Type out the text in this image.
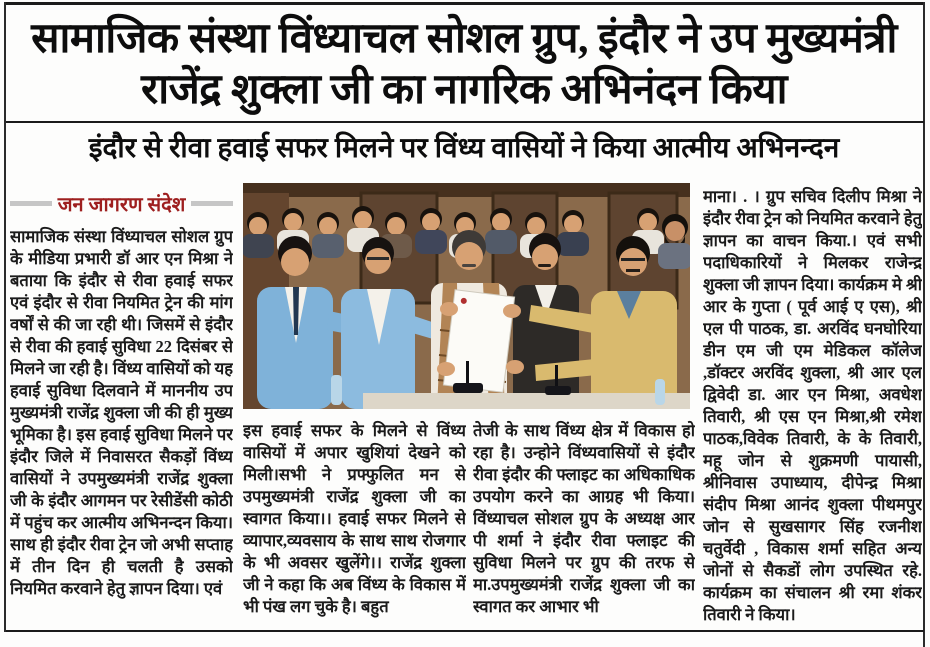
सामाजिक संस्था विंध्याचल सोशल ग्रुप, इंदौर ने उप मुख्यमंत्री राजेंद्र शुक्ला जी का नागरिक अभिनंदन किया
इंदौर से रीवा हवाई सफर मिलने पर विंध्य वासियों ने किया आत्मीय अभिनन्दन
जन जागरण संदेश

सामाजिक संस्था विंध्याचल सोशल ग्रुप के मीडिया प्रभारी डॉ आर एन मिश्रा ने बताया कि इंदौर से रीवा हवाई सफर एवं इंदौर से रीवा नियमित ट्रेन की मांग वर्षों से की जा रही थी। जिसमें से इंदौर से रीवा की हवाई सुविधा 22 दिसंबर से मिलने जा रही है। विंध्य वासियों को यह हवाई सुविधा दिलवाने में माननीय उप मुख्यमंत्री राजेंद्र शुक्ला जी की ही मुख्य भूमिका है। इस हवाई सुविधा मिलने पर इंदौर जिले में निवासरत सैकड़ों विंध्य वासियों ने उपमुख्यमंत्री राजेंद्र शुक्ला जी के इंदौर आगमन पर रेसीडेंसी कोठी में पहुंच कर आत्मीय अभिनन्दन किया। साथ ही इंदौर रीवा ट्रेन जो अभी सप्ताह में तीन दिन ही चलती है उसको नियमित करवाने हेतु ज्ञापन दिया। एवं

इस हवाई सफर के मिलने से विंध्य वासियों में अपार खुशियां देखने को मिली।सभी ने प्रफ्फुलित मन से उपमुख्यमंत्री राजेंद्र शुक्ला जी का स्वागत किया।। हवाई सफर मिलने से व्यापार,व्यवसाय के साथ साथ रोजगार के भी अवसर खुलेंगे।। राजेंद्र शुक्ला जी ने कहा कि अब विंध्य के विकास में भी पंख लग चुके है। बहुत

तेजी के साथ विंध्य क्षेत्र में विकास हो रहा है। उन्होने विंध्यवासियों से इंदौर रीवा इंदौर की फ्लाइट का अधिकाधिक उपयोग करने का आग्रह भी किया।विंध्याचल सोशल ग्रुप के अध्यक्ष आर पी शर्मा ने इंदौर रीवा फ्लाइट की सुविधा मिलने पर ग्रुप की तरफ से मा.उपमुख्यमंत्री राजेंद्र शुक्ला जी का स्वागत कर आभार भी

माना। . । ग्रुप सचिव दिलीप मिश्रा ने इंदौर रीवा ट्रेन को नियमित करवाने हेतु ज्ञापन का वाचन किया.। एवं सभी पदाधिकारियों ने मिलकर राजेन्द्र शुक्ला जी ज्ञापन दिया। कार्यक्रम मे श्री आर के गुप्ता ( पूर्व आई ए एस), श्री एल पी पाठक, डा. अरविंद घनघोरिया डीन एम जी एम मेडिकल कॉलेज ,डॉक्टर अरविंद शुक्ला, श्री आर एल द्विवेदी डा. आर एन मिश्रा, अवधेश तिवारी, श्री एस एन मिश्रा,श्री रमेश पाठक,विवेक तिवारी, के के तिवारी, महू जोन से शुक्रमणी पायासी, श्रीनिवास उपाध्याय, दीपेन्द्र मिश्रा संदीप मिश्रा आनंद शुक्ला पीथमपुर जोन से सुखसागर सिंह रजनीश चतुर्वेदी , विकास शर्मा सहित अन्य जोनों से सैकडों लोग उपस्थित रहे. कार्यक्रम का संचालन श्री रमा शंकर तिवारी ने किया।
